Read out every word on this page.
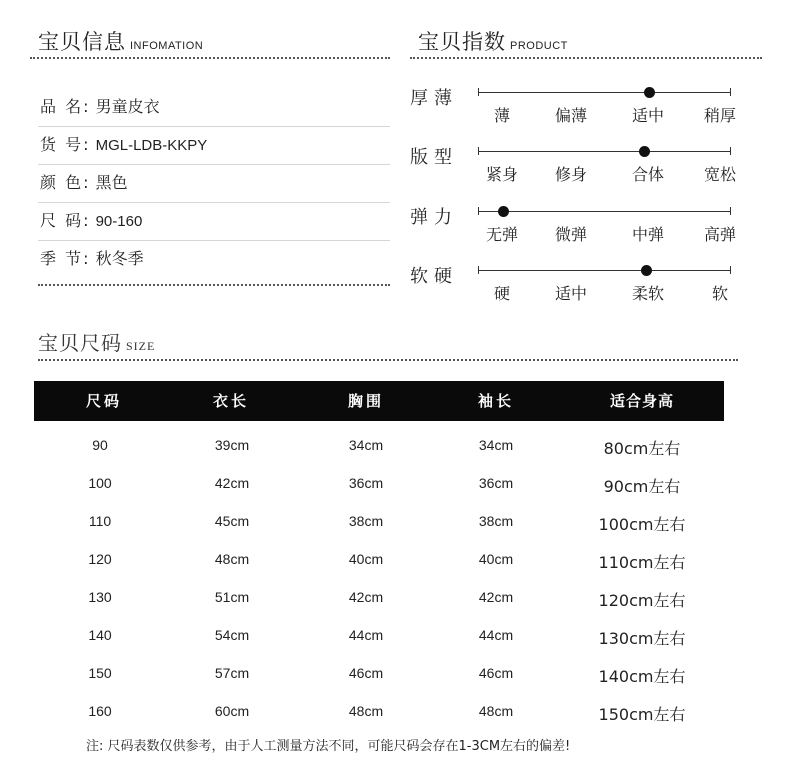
宝贝信息 INFOMATION
品 名: 男童皮衣
货 号: MGL-LDB-KKPY
颜 色: 黑色
尺 码: 90-160
季 节: 秋冬季
宝贝指数 PRODUCT
厚薄
薄	偏薄	适中	稍厚
版型
紧身	修身	合体	宽松
弹力
无弹	微弹	中弹	高弹
软硬
硬	适中	柔软	软
宝贝尺码 SIZE
尺码	衣长	胸围	袖长	适合身高
90	39cm	34cm	34cm	80cm左右
100	42cm	36cm	36cm	90cm左右
110	45cm	38cm	38cm	100cm左右
120	48cm	40cm	40cm	110cm左右
130	51cm	42cm	42cm	120cm左右
140	54cm	44cm	44cm	130cm左右
150	57cm	46cm	46cm	140cm左右
160	60cm	48cm	48cm	150cm左右
注: 尺码表数仅供参考，由于人工测量方法不同，可能尺码会存在1-3CM左右的偏差!
